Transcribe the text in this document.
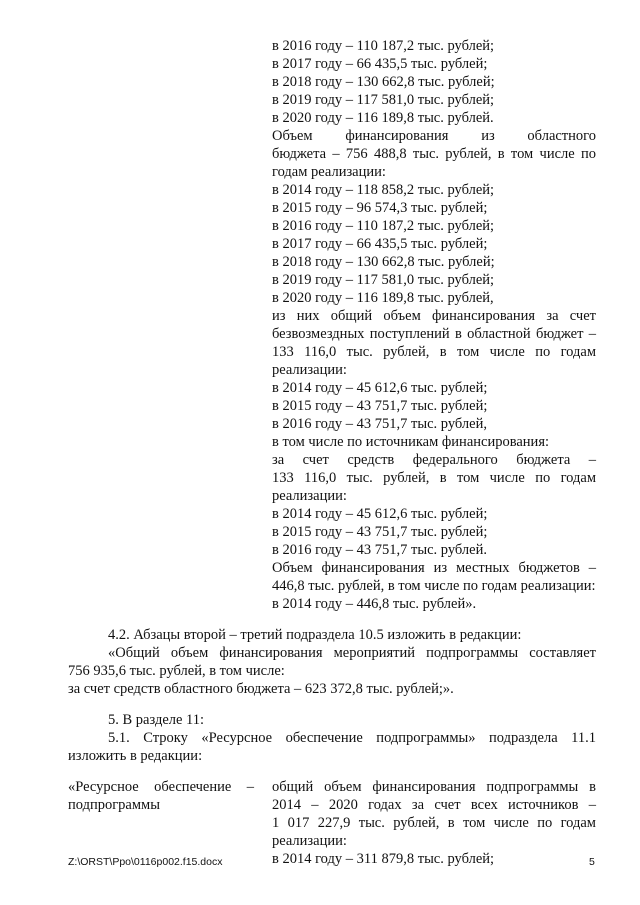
в 2016 году – 110 187,2 тыс. рублей;
в 2017 году – 66 435,5 тыс. рублей;
в 2018 году – 130 662,8 тыс. рублей;
в 2019 году – 117 581,0 тыс. рублей;
в 2020 году – 116 189,8 тыс. рублей.
Объем финансирования из областного
бюджета – 756 488,8 тыс. рублей, в том числе по
годам реализации:
в 2014 году – 118 858,2 тыс. рублей;
в 2015 году – 96 574,3 тыс. рублей;
в 2016 году – 110 187,2 тыс. рублей;
в 2017 году – 66 435,5 тыс. рублей;
в 2018 году – 130 662,8 тыс. рублей;
в 2019 году – 117 581,0 тыс. рублей;
в 2020 году – 116 189,8 тыс. рублей,
из них общий объем финансирования за счет
безвозмездных поступлений в областной бюджет –
133 116,0 тыс. рублей, в том числе по годам
реализации:
в 2014 году – 45 612,6 тыс. рублей;
в 2015 году – 43 751,7 тыс. рублей;
в 2016 году – 43 751,7 тыс. рублей,
в том числе по источникам финансирования:
за счет средств федерального бюджета –
133 116,0 тыс. рублей, в том числе по годам
реализации:
в 2014 году – 45 612,6 тыс. рублей;
в 2015 году – 43 751,7 тыс. рублей;
в 2016 году – 43 751,7 тыс. рублей.
Объем финансирования из местных бюджетов –
446,8 тыс. рублей, в том числе по годам реализации:
в 2014 году – 446,8 тыс. рублей».
4.2. Абзацы второй – третий подраздела 10.5 изложить в редакции:
«Общий объем финансирования мероприятий подпрограммы составляет
756 935,6 тыс. рублей, в том числе:
за счет средств областного бюджета – 623 372,8 тыс. рублей;».
5. В разделе 11:
5.1. Строку «Ресурсное обеспечение подпрограммы» подраздела 11.1
изложить в редакции:
«Ресурсное обеспечение –
подпрограммы
общий объем финансирования подпрограммы в
2014 – 2020 годах за счет всех источников –
1 017 227,9 тыс. рублей, в том числе по годам
реализации:
в 2014 году – 311 879,8 тыс. рублей;
Z:\ORST\Ppo\0116p002.f15.docx	5
